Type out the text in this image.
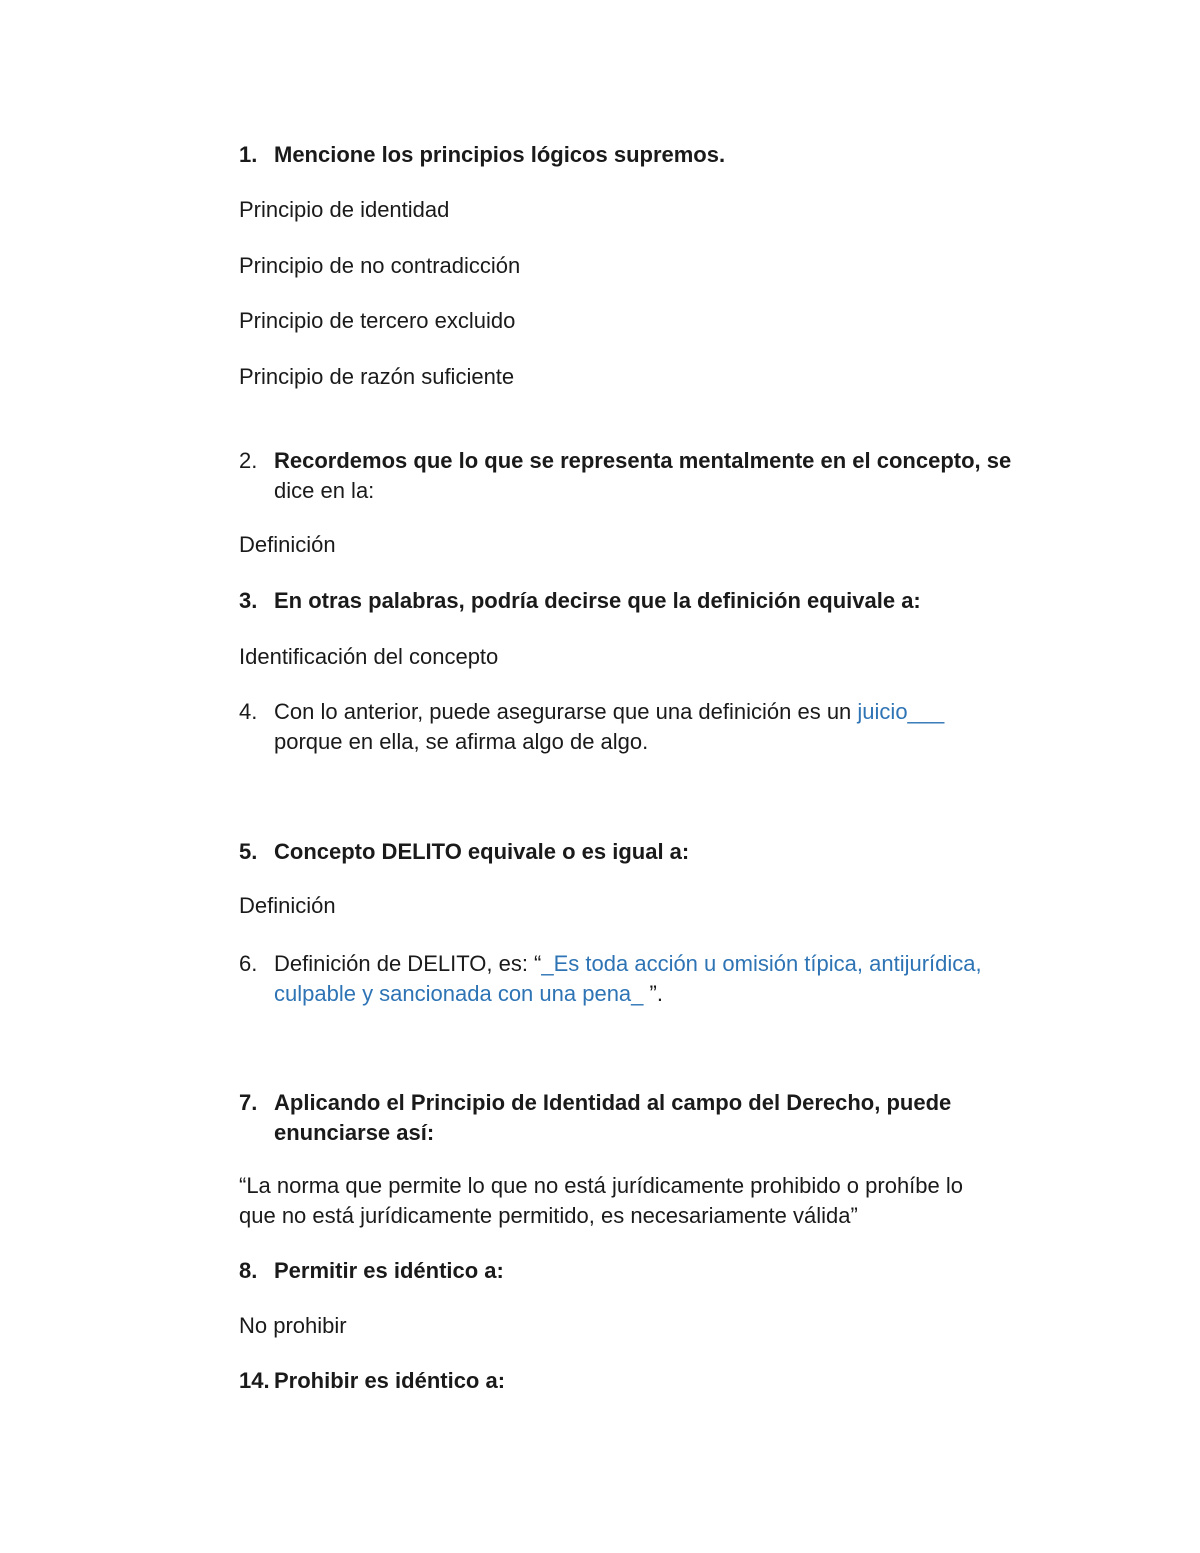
1. Mencione los principios lógicos supremos.
Principio de identidad
Principio de no contradicción
Principio de tercero excluido
Principio de razón suficiente
2. Recordemos que lo que se representa mentalmente en el concepto, se
dice en la:
Definición
3. En otras palabras, podría decirse que la definición equivale a:
Identificación del concepto
4. Con lo anterior, puede asegurarse que una definición es un juicio___
porque en ella, se afirma algo de algo.
5. Concepto DELITO equivale o es igual a:
Definición
6. Definición de DELITO, es: “_Es toda acción u omisión típica, antijurídica,
culpable y sancionada con una pena_ ”.
7. Aplicando el Principio de Identidad al campo del Derecho, puede
enunciarse así:
“La norma que permite lo que no está jurídicamente prohibido o prohíbe lo
que no está jurídicamente permitido, es necesariamente válida”
8. Permitir es idéntico a:
No prohibir
14. Prohibir es idéntico a:
